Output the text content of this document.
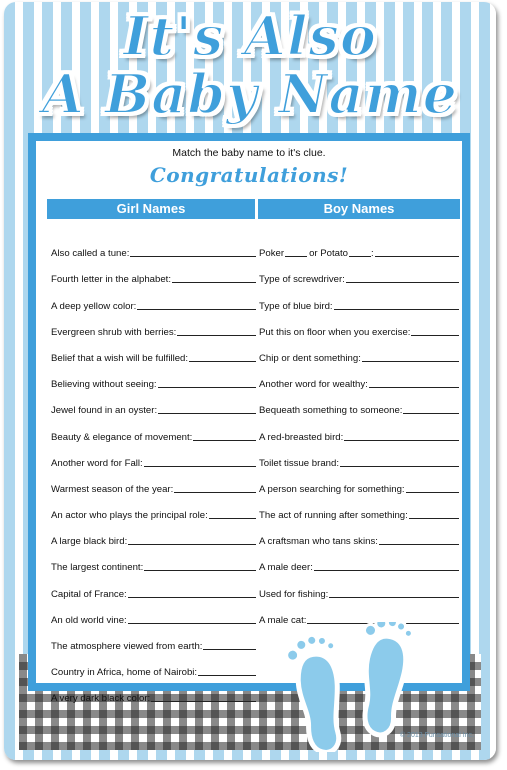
It's Also
A Baby Name
Match the baby name to it's clue.
Congratulations!
Girl Names	Boy Names
Also called a tune:
Fourth letter in the alphabet:
A deep yellow color:
Evergreen shrub with berries:
Belief that a wish will be fulfilled:
Believing without seeing:
Jewel found in an oyster:
Beauty & elegance of movement:
Another word for Fall:
Warmest season of the year:
An actor who plays the principal role:
A large black bird:
The largest continent:
Capital of France:
An old world vine:
The atmosphere viewed from earth:
Country in Africa, home of Nairobi:
A very dark black color:
Poker	or Potato :
Type of screwdriver:
Type of blue bird:
Put this on floor when you exercise:
Chip or dent something:
Another word for wealthy:
Bequeath something to someone:
A red-breasted bird:
Toilet tissue brand:
A person searching for something:
The act of running after something:
A craftsman who tans skins:
A male deer:
Used for fishing:
A male cat:
© 2013 Funsational Inc.
